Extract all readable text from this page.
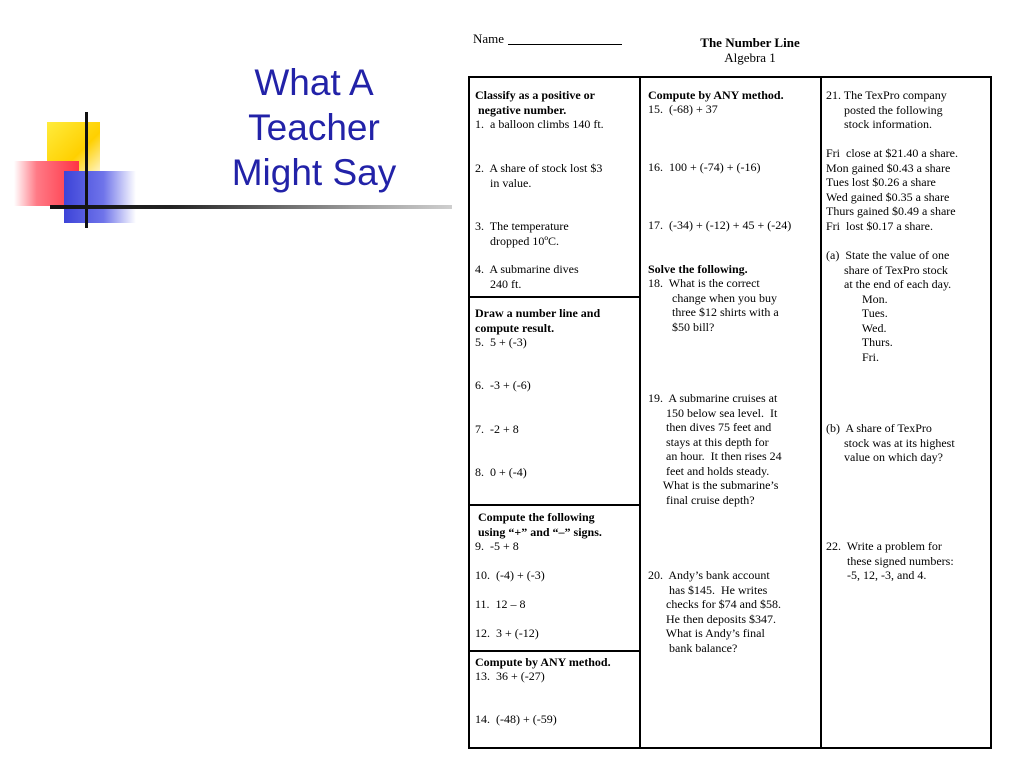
What A
Teacher
Might Say
Name	The Number Line
Algebra 1
Classify as a positive or
negative number.
1.  a balloon climbs 140 ft.
2.  A share of stock lost $3
in value.
3.  The temperature
dropped 10ºC.
4.  A submarine dives
240 ft.
Draw a number line and
compute result.
5.  5 + (-3)
6.  -3 + (-6)
7.  -2 + 8
8.  0 + (-4)
Compute the following
using “+” and “–” signs.
9.  -5 + 8
10.  (-4) + (-3)
11.  12 – 8
12.  3 + (-12)
Compute by ANY method.
13.  36 + (-27)
14.  (-48) + (-59)
Compute by ANY method.
15.  (-68) + 37
16.  100 + (-74) + (-16)
17.  (-34) + (-12) + 45 + (-24)
Solve the following.
18.  What is the correct
change when you buy
three $12 shirts with a
$50 bill?
19.  A submarine cruises at
150 below sea level.  It
then dives 75 feet and
stays at this depth for
an hour.  It then rises 24
feet and holds steady.
What is the submarine’s
final cruise depth?
20.  Andy’s bank account
has $145.  He writes
checks for $74 and $58.
He then deposits $347.
What is Andy’s final
bank balance?
21. The TexPro company
posted the following
stock information.
Fri  close at $21.40 a share.
Mon gained $0.43 a share
Tues lost $0.26 a share
Wed gained $0.35 a share
Thurs gained $0.49 a share
Fri  lost $0.17 a share.
(a)  State the value of one
share of TexPro stock
at the end of each day.
Mon.
Tues.
Wed.
Thurs.
Fri.
(b)  A share of TexPro
stock was at its highest
value on which day?
22.  Write a problem for
these signed numbers:
-5, 12, -3, and 4.
